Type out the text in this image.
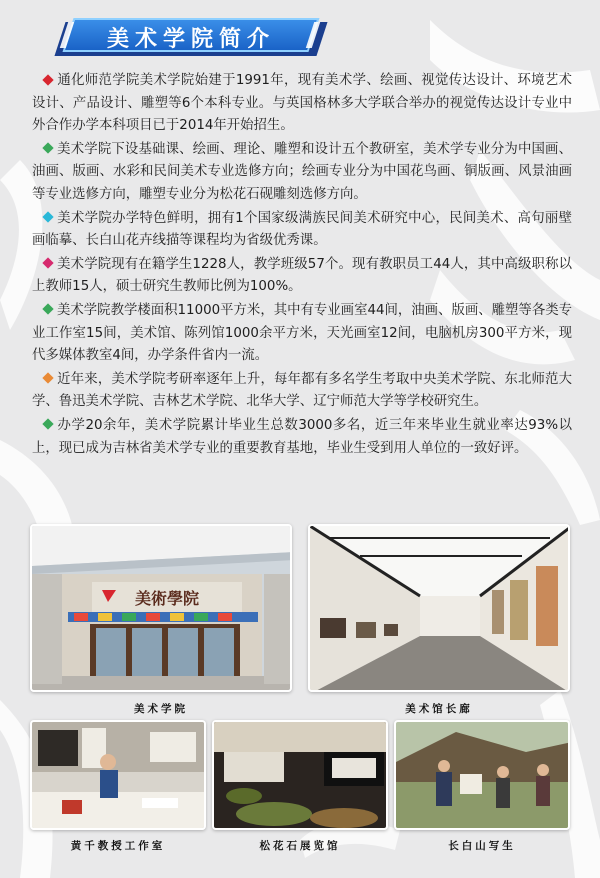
美术学院简介

通化师范学院美术学院始建于1991年，现有美术学、绘画、视觉传达设计、环境艺术设计、产品设计、雕塑等6个本科专业。与英国格林多大学联合举办的视觉传达设计专业中外合作办学本科项目已于2014年开始招生。

美术学院下设基础课、绘画、理论、雕塑和设计五个教研室，美术学专业分为中国画、油画、版画、水彩和民间美术专业选修方向；绘画专业分为中国花鸟画、铜版画、风景油画等专业选修方向，雕塑专业分为松花石砚雕刻选修方向。

美术学院办学特色鲜明，拥有1个国家级满族民间美术研究中心，民间美术、高句丽壁画临摹、长白山花卉线描等课程均为省级优秀课。

美术学院现有在籍学生1228人，教学班级57个。现有教职员工44人，其中高级职称以上教师15人，硕士研究生教师比例为100%。

美术学院教学楼面积11000平方米，其中有专业画室44间，油画、版画、雕塑等各类专业工作室15间，美术馆、陈列馆1000余平方米，天光画室12间，电脑机房300平方米，现代多媒体教室4间，办学条件省内一流。

近年来，美术学院考研率逐年上升，每年都有多名学生考取中央美术学院、东北师范大学、鲁迅美术学院、吉林艺术学院、北华大学、辽宁师范大学等学校研究生。

办学20余年，美术学院累计毕业生总数3000多名，近三年来毕业生就业率达93%以上，现已成为吉林省美术学专业的重要教育基地，毕业生受到用人单位的一致好评。

美術學院
美术学院	美术馆长廊
黄千教授工作室	松花石展览馆	长白山写生
